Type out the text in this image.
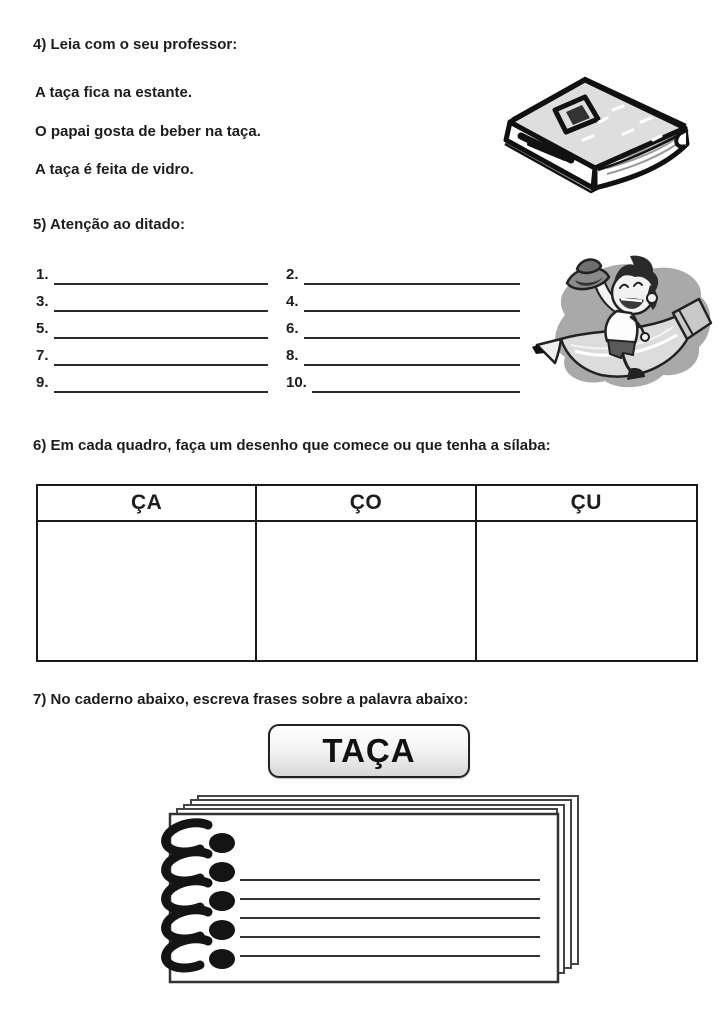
4) Leia com o seu professor:
A taça fica na estante.
O papai gosta de beber na taça.
A taça é feita de vidro.
5) Atenção ao ditado:
1.
3.
5.
7.
9.
2.
4.
6.
8.
10.
6) Em cada quadro, faça um desenho que comece ou que tenha a sílaba:
ÇA	ÇO	ÇU
7) No caderno abaixo, escreva frases sobre a palavra abaixo:
TAÇA
